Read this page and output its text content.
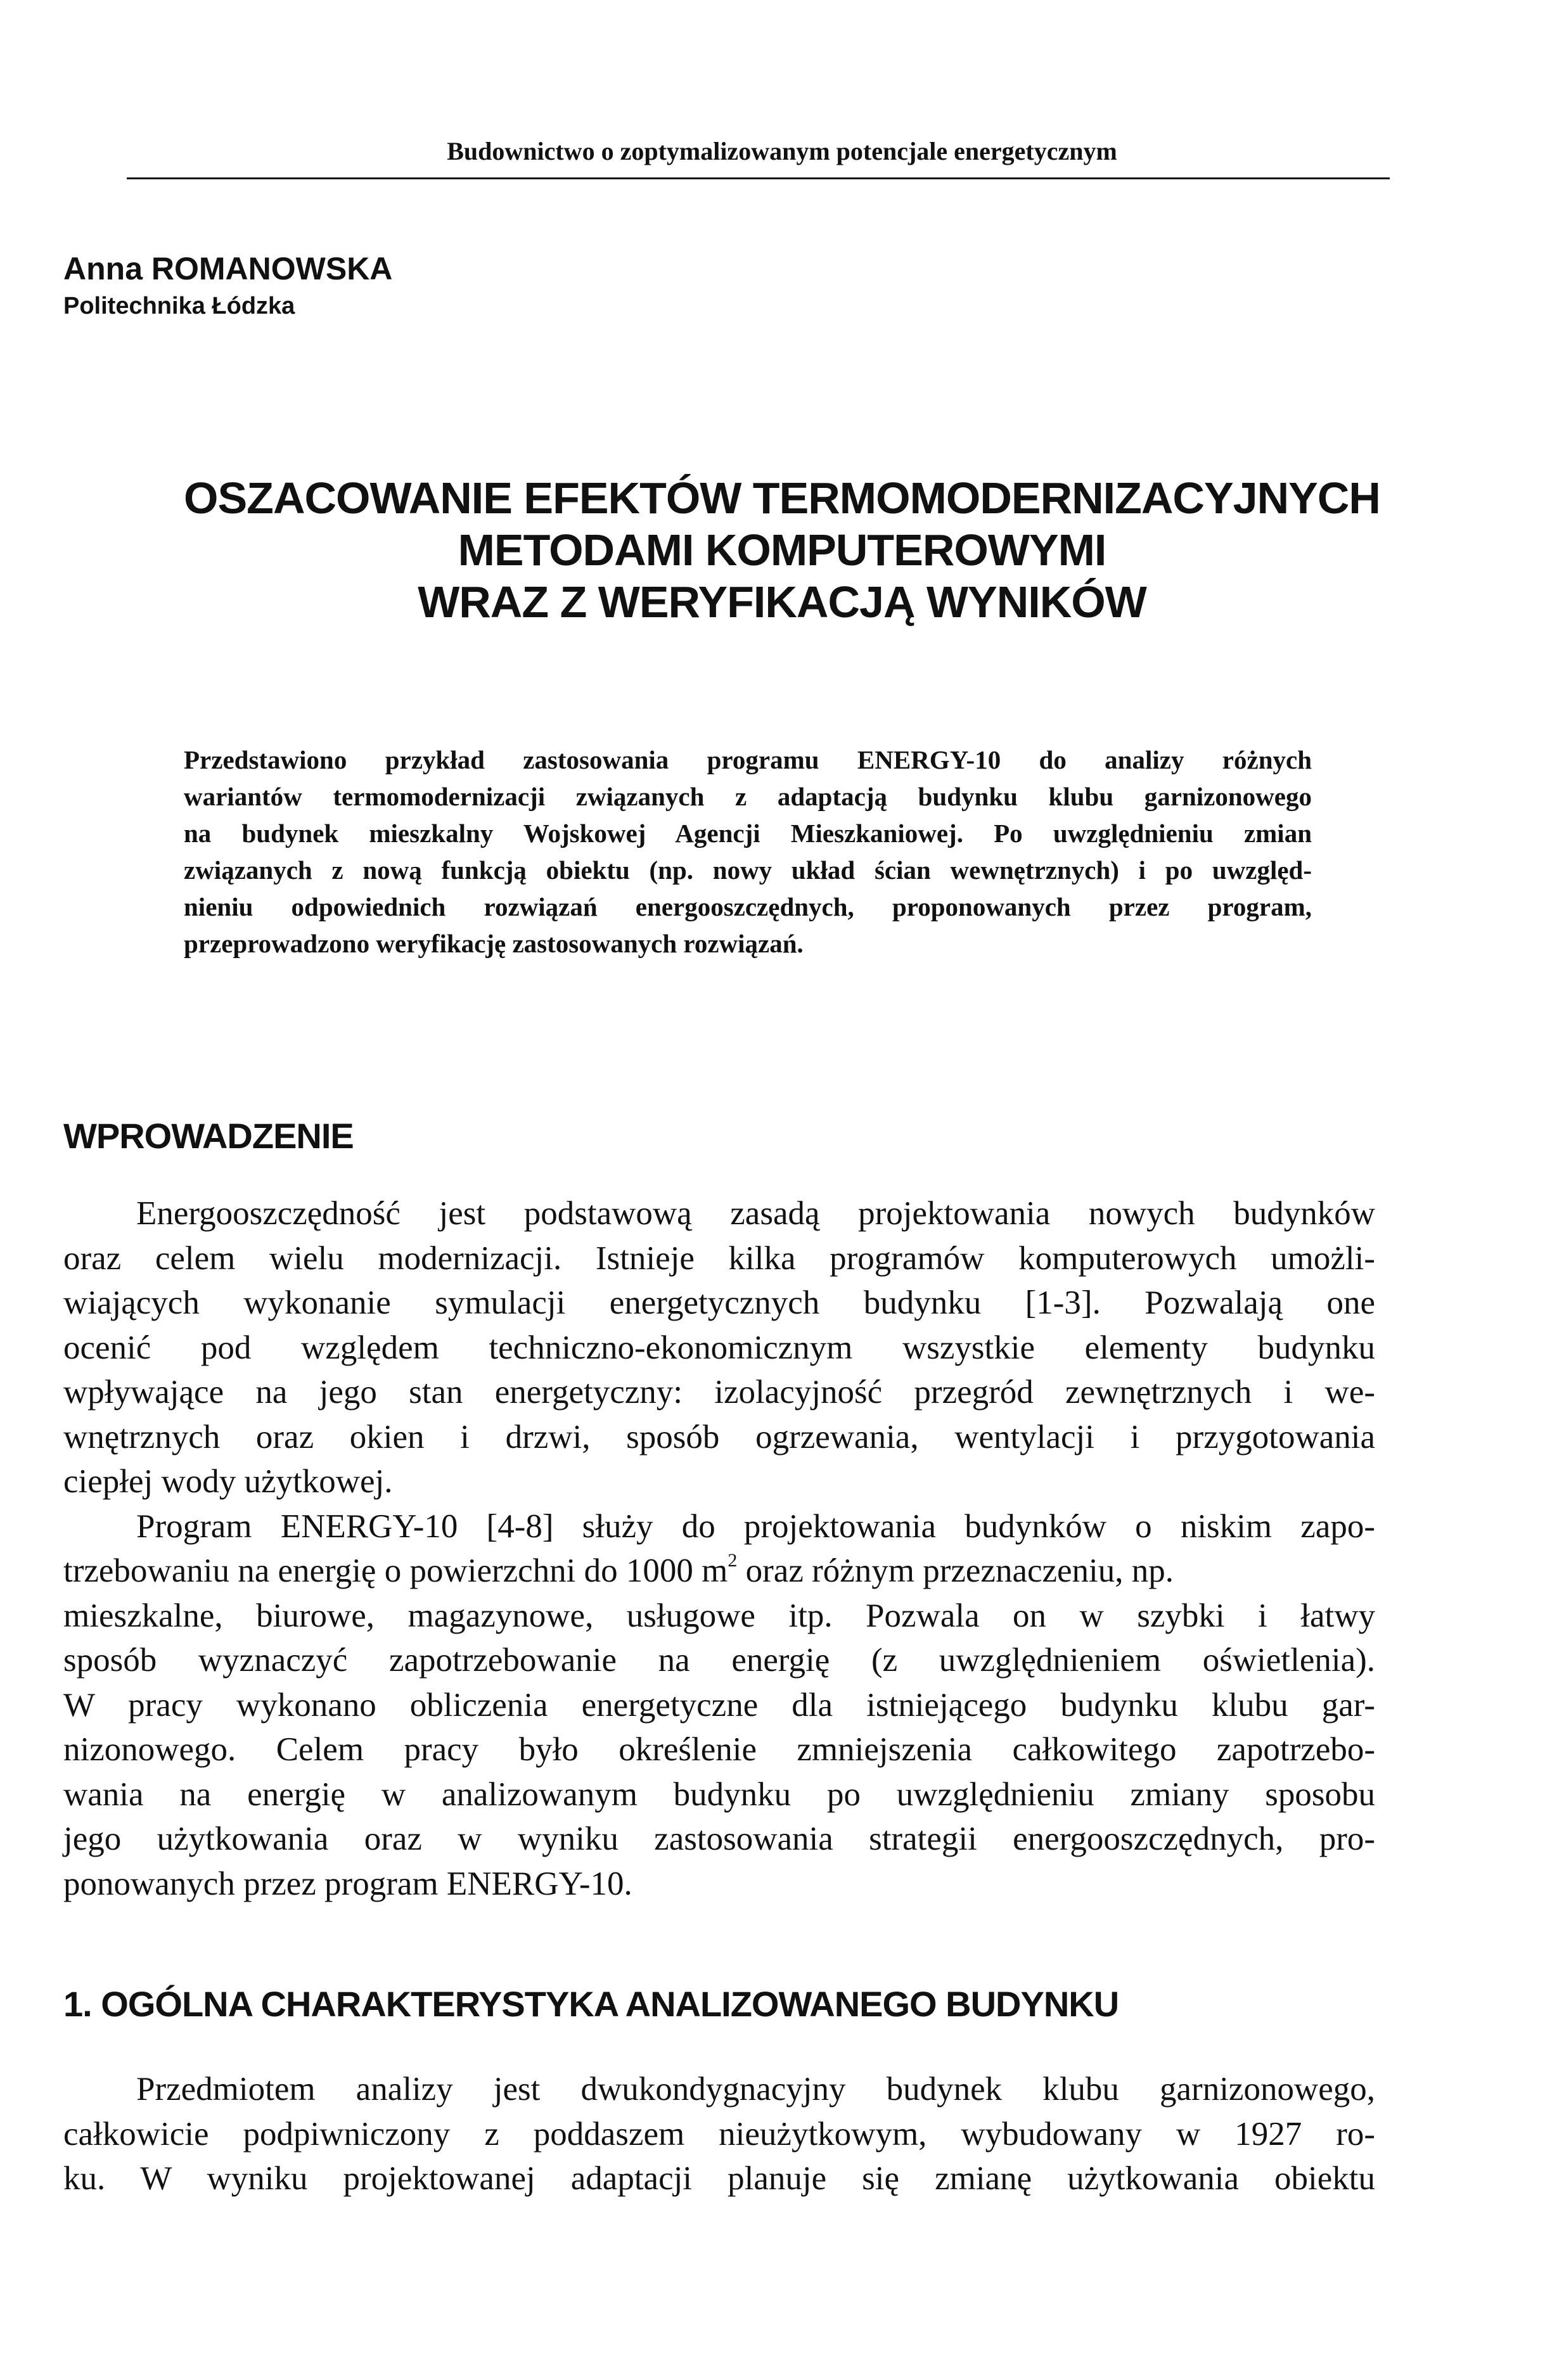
Budownictwo o zoptymalizowanym potencjale energetycznym
Anna ROMANOWSKA
Politechnika Łódzka
OSZACOWANIE EFEKTÓW TERMOMODERNIZACYJNYCH
METODAMI KOMPUTEROWYMI
WRAZ Z WERYFIKACJĄ WYNIKÓW
Przedstawiono przykład zastosowania programu ENERGY-10 do analizy różnych
wariantów termomodernizacji związanych z adaptacją budynku klubu garnizonowego
na budynek mieszkalny Wojskowej Agencji Mieszkaniowej. Po uwzględnieniu zmian
związanych z nową funkcją obiektu (np. nowy układ ścian wewnętrznych) i po uwzględ-
nieniu odpowiednich rozwiązań energooszczędnych, proponowanych przez program,
przeprowadzono weryfikację zastosowanych rozwiązań.
WPROWADZENIE
Energooszczędność jest podstawową zasadą projektowania nowych budynków
oraz celem wielu modernizacji. Istnieje kilka programów komputerowych umożli-
wiających wykonanie symulacji energetycznych budynku [1-3]. Pozwalają one
ocenić pod względem techniczno-ekonomicznym wszystkie elementy budynku
wpływające na jego stan energetyczny: izolacyjność przegród zewnętrznych i we-
wnętrznych oraz okien i drzwi, sposób ogrzewania, wentylacji i przygotowania
ciepłej wody użytkowej.
Program ENERGY-10 [4-8] służy do projektowania budynków o niskim zapo-
trzebowaniu na energię o powierzchni do 1000 $m^2$ oraz różnym przeznaczeniu, np.
mieszkalne, biurowe, magazynowe, usługowe itp. Pozwala on w szybki i łatwy
sposób wyznaczyć zapotrzebowanie na energię (z uwzględnieniem oświetlenia).
W pracy wykonano obliczenia energetyczne dla istniejącego budynku klubu gar-
nizonowego. Celem pracy było określenie zmniejszenia całkowitego zapotrzebo-
wania na energię w analizowanym budynku po uwzględnieniu zmiany sposobu
jego użytkowania oraz w wyniku zastosowania strategii energooszczędnych, pro-
ponowanych przez program ENERGY-10.
1. OGÓLNA CHARAKTERYSTYKA ANALIZOWANEGO BUDYNKU
Przedmiotem analizy jest dwukondygnacyjny budynek klubu garnizonowego,
całkowicie podpiwniczony z poddaszem nieużytkowym, wybudowany w 1927 ro-
ku. W wyniku projektowanej adaptacji planuje się zmianę użytkowania obiektu
